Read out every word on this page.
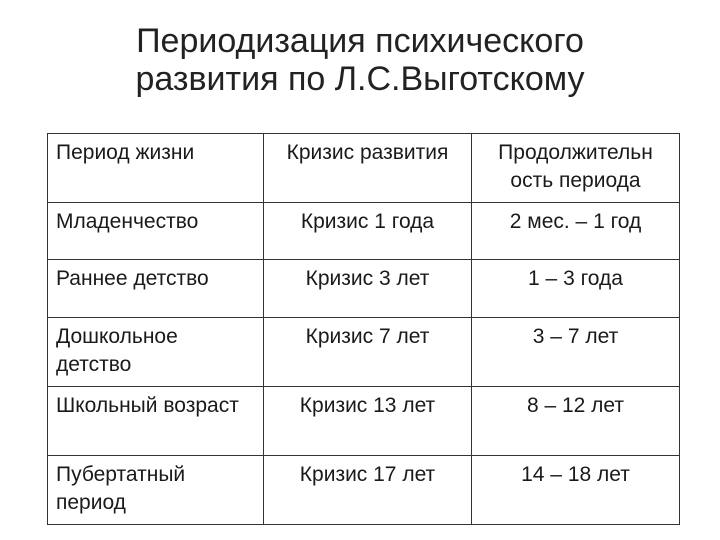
Периодизация психического
развития по Л.С.Выготскому
Период жизни	Кризис развития	Продолжительн ость периода
Младенчество	Кризис 1 года	2 мес. – 1 год
Раннее детство	Кризис 3 лет	1 – 3 года
Дошкольное детство	Кризис 7 лет	3 – 7 лет
Школьный возраст	Кризис 13 лет	8 – 12 лет
Пубертатный период	Кризис 17 лет	14 – 18 лет
